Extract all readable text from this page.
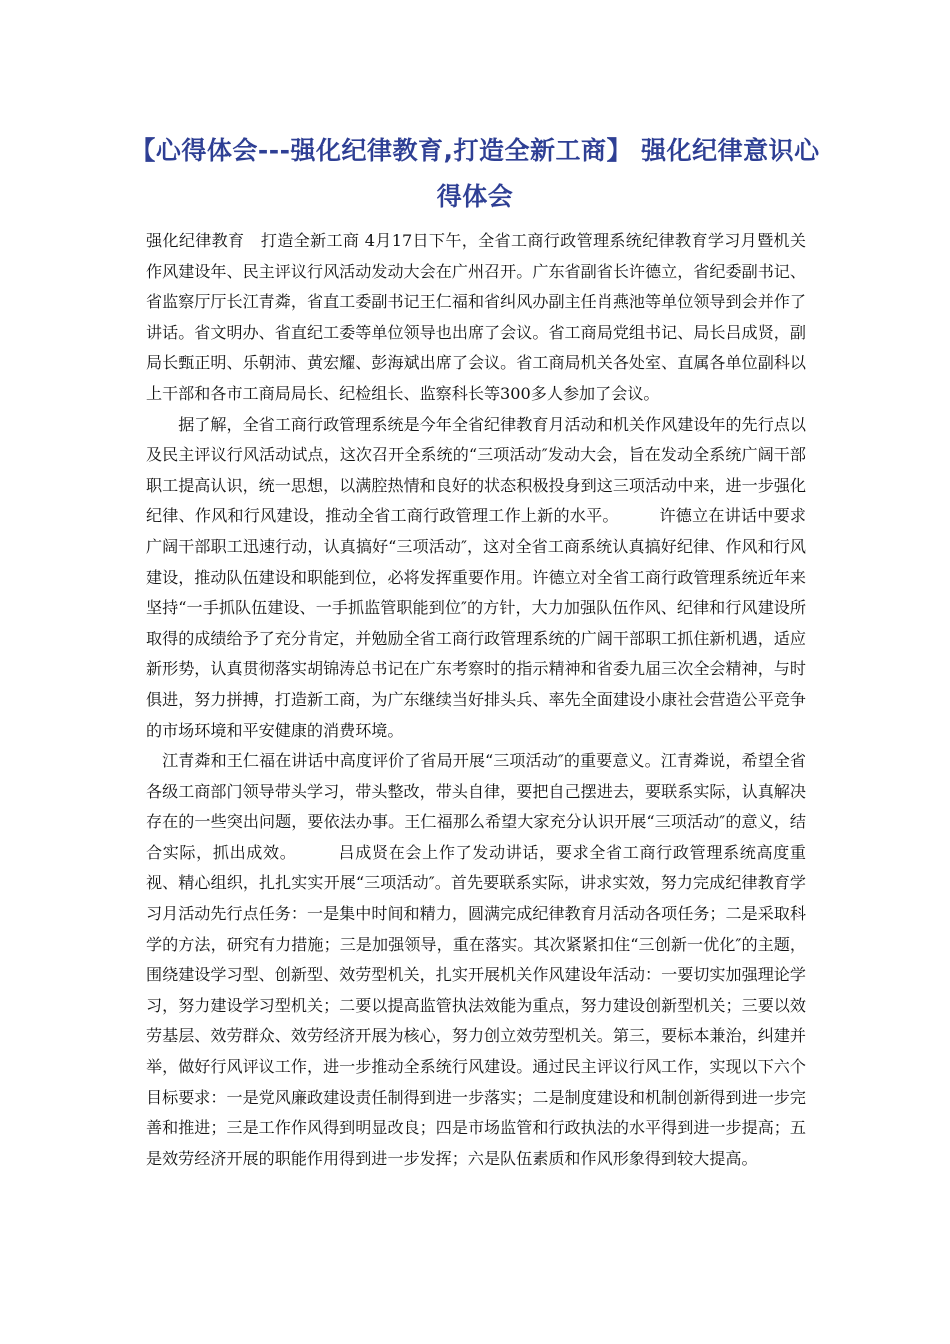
【心得体会---强化纪律教育,打造全新工商】 强化纪律意识心得体会

强化纪律教育　打造全新工商 4月17日下午，全省工商行政管理系统纪律教育学习月暨机关作风建设年、民主评议行风活动发动大会在广州召开。广东省副省长许德立，省纪委副书记、省监察厅厅长江青粦，省直工委副书记王仁福和省纠风办副主任肖燕池等单位领导到会并作了讲话。省文明办、省直纪工委等单位领导也出席了会议。省工商局党组书记、局长吕成贤，副局长甄正明、乐朝沛、黄宏耀、彭海斌出席了会议。省工商局机关各处室、直属各单位副科以上干部和各市工商局局长、纪检组长、监察科长等300多人参加了会议。

　　据了解，全省工商行政管理系统是今年全省纪律教育月活动和机关作风建设年的先行点以及民主评议行风活动试点，这次召开全系统的“三项活动″发动大会，旨在发动全系统广阔干部职工提高认识，统一思想，以满腔热情和良好的状态积极投身到这三项活动中来，进一步强化纪律、作风和行风建设，推动全省工商行政管理工作上新的水平。　　　许德立在讲话中要求广阔干部职工迅速行动，认真搞好“三项活动″，这对全省工商系统认真搞好纪律、作风和行风建设，推动队伍建设和职能到位，必将发挥重要作用。许德立对全省工商行政管理系统近年来坚持“一手抓队伍建设、一手抓监管职能到位″的方针，大力加强队伍作风、纪律和行风建设所取得的成绩给予了充分肯定，并勉励全省工商行政管理系统的广阔干部职工抓住新机遇，适应新形势，认真贯彻落实胡锦涛总书记在广东考察时的指示精神和省委九届三次全会精神，与时俱进，努力拼搏，打造新工商，为广东继续当好排头兵、率先全面建设小康社会营造公平竞争的市场环境和平安健康的消费环境。

　江青粦和王仁福在讲话中高度评价了省局开展“三项活动″的重要意义。江青粦说，希望全省各级工商部门领导带头学习，带头整改，带头自律，要把自己摆进去，要联系实际，认真解决存在的一些突出问题，要依法办事。王仁福那么希望大家充分认识开展“三项活动″的意义，结合实际，抓出成效。　　　吕成贤在会上作了发动讲话，要求全省工商行政管理系统高度重视、精心组织，扎扎实实开展“三项活动″。首先要联系实际，讲求实效，努力完成纪律教育学习月活动先行点任务：一是集中时间和精力，圆满完成纪律教育月活动各项任务；二是采取科学的方法，研究有力措施；三是加强领导，重在落实。其次紧紧扣住“三创新一优化″的主题，围绕建设学习型、创新型、效劳型机关，扎实开展机关作风建设年活动：一要切实加强理论学习，努力建设学习型机关；二要以提高监管执法效能为重点，努力建设创新型机关；三要以效劳基层、效劳群众、效劳经济开展为核心，努力创立效劳型机关。第三，要标本兼治，纠建并举，做好行风评议工作，进一步推动全系统行风建设。通过民主评议行风工作，实现以下六个目标要求：一是党风廉政建设责任制得到进一步落实；二是制度建设和机制创新得到进一步完善和推进；三是工作作风得到明显改良；四是市场监管和行政执法的水平得到进一步提高；五是效劳经济开展的职能作用得到进一步发挥；六是队伍素质和作风形象得到较大提高。
